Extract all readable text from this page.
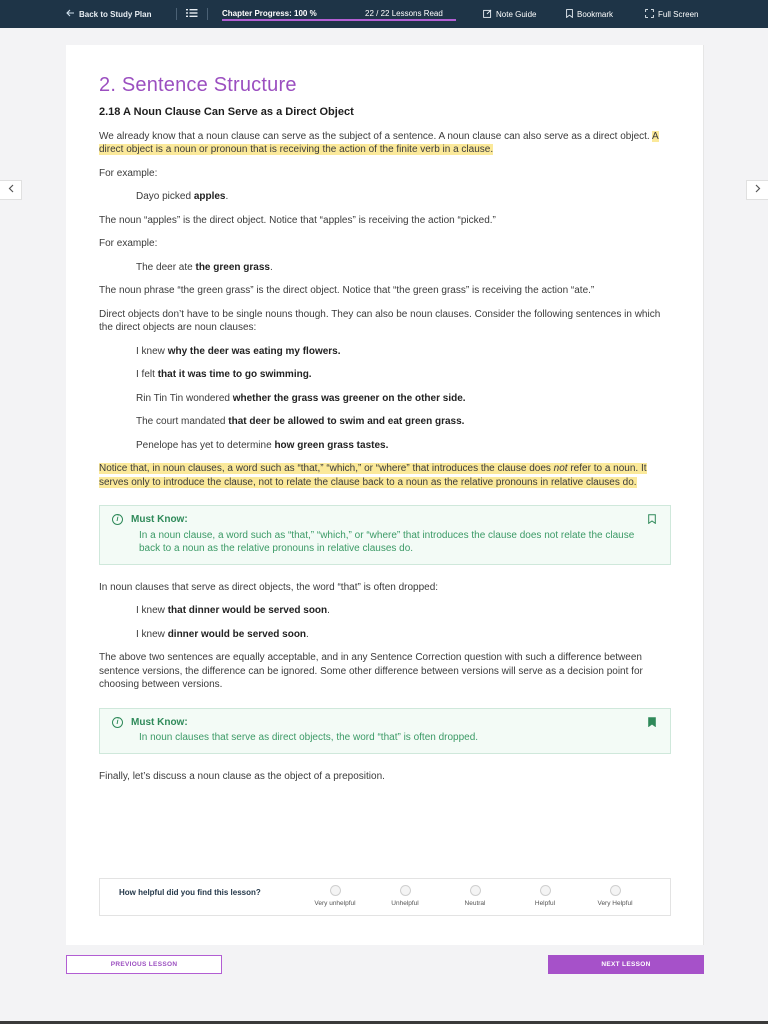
Back to Study Plan	Chapter Progress: 100 %	22 / 22 Lessons Read	Note Guide	Bookmark	Full Screen
2. Sentence Structure
2.18 A Noun Clause Can Serve as a Direct Object
We already know that a noun clause can serve as the subject of a sentence. A noun clause can also serve as a direct object. A direct object is a noun or pronoun that is receiving the action of the finite verb in a clause.
For example:
Dayo picked apples.
The noun “apples” is the direct object. Notice that “apples” is receiving the action “picked.”
For example:
The deer ate the green grass.
The noun phrase “the green grass” is the direct object. Notice that “the green grass” is receiving the action “ate.”
Direct objects don’t have to be single nouns though. They can also be noun clauses. Consider the following sentences in which the direct objects are noun clauses:
I knew why the deer was eating my flowers.
I felt that it was time to go swimming.
Rin Tin Tin wondered whether the grass was greener on the other side.
The court mandated that deer be allowed to swim and eat green grass.
Penelope has yet to determine how green grass tastes.
Notice that, in noun clauses, a word such as “that,” “which,” or “where” that introduces the clause does not refer to a noun. It serves only to introduce the clause, not to relate the clause back to a noun as the relative pronouns in relative clauses do.
i	Must Know:
In a noun clause, a word such as “that,” “which,” or “where” that introduces the clause does not relate the clause back to a noun as the relative pronouns in relative clauses do.
In noun clauses that serve as direct objects, the word “that” is often dropped:
I knew that dinner would be served soon.
I knew dinner would be served soon.
The above two sentences are equally acceptable, and in any Sentence Correction question with such a difference between sentence versions, the difference can be ignored. Some other difference between versions will serve as a decision point for choosing between versions.
i	Must Know:
In noun clauses that serve as direct objects, the word “that” is often dropped.
Finally, let’s discuss a noun clause as the object of a preposition.
How helpful did you find this lesson?
Very unhelpful	Unhelpful	Neutral	Helpful	Very Helpful
PREVIOUS LESSON	NEXT LESSON
